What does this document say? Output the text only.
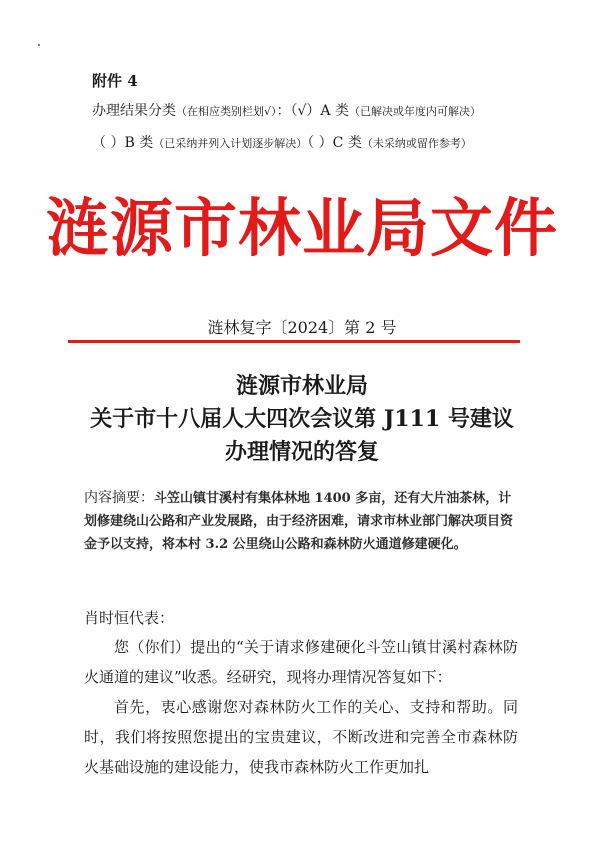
附件 4
办理结果分类（在相应类别栏划√）：（√）A 类（已解决或年度内可解决）
（ ）B 类（已采纳并列入计划逐步解决）（ ）C 类（未采纳或留作参考）
涟源市林业局文件
涟林复字〔2024〕第 2 号
涟源市林业局
关于市十八届人大四次会议第 J111 号建议
办理情况的答复
内容摘要：斗笠山镇甘溪村有集体林地 1400 多亩，还有大片油茶林，计划修建绕山公路和产业发展路，由于经济困难，请求市林业部门解决项目资金予以支持，将本村 3.2 公里绕山公路和森林防火通道修建硬化。
肖时恒代表：

您（你们）提出的“关于请求修建硬化斗笠山镇甘溪村森林防火通道的建议”收悉。经研究，现将办理情况答复如下：

首先，衷心感谢您对森林防火工作的关心、支持和帮助。同时，我们将按照您提出的宝贵建议，不断改进和完善全市森林防火基础设施的建设能力，使我市森林防火工作更加扎
